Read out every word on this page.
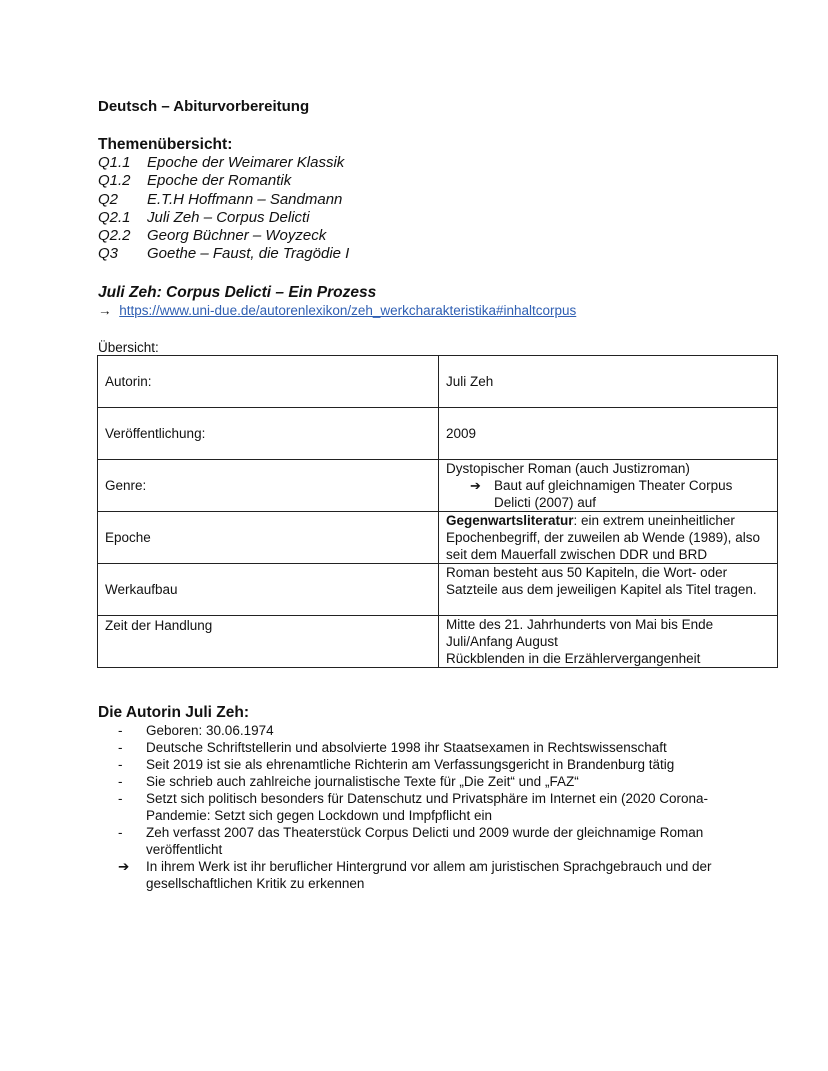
Deutsch – Abiturvorbereitung
Themenübersicht:
Q1.1 Epoche der Weimarer Klassik
Q1.2 Epoche der Romantik
Q2 E.T.H Hoffmann – Sandmann
Q2.1 Juli Zeh – Corpus Delicti
Q2.2 Georg Büchner – Woyzeck
Q3 Goethe – Faust, die Tragödie I
Juli Zeh: Corpus Delicti – Ein Prozess
→ https://www.uni-due.de/autorenlexikon/zeh_werkcharakteristika#inhaltcorpus
Übersicht:
Autorin:	Juli Zeh
Veröffentlichung:	2009
Genre:	Dystopischer Roman (auch Justizroman)
➔ Baut auf gleichnamigen Theater Corpus Delicti (2007) auf

Epoche	Gegenwartsliteratur: ein extrem uneinheitlicher Epochenbegriff, der zuweilen ab Wende (1989), also seit dem Mauerfall zwischen DDR und BRD
Werkaufbau	Roman besteht aus 50 Kapiteln, die Wort- oder Satzteile aus dem jeweiligen Kapitel als Titel tragen.
Zeit der Handlung	Mitte des 21. Jahrhunderts von Mai bis Ende Juli/Anfang August
Rückblenden in die Erzählervergangenheit
Die Autorin Juli Zeh:
-	Geboren: 30.06.1974
-	Deutsche Schriftstellerin und absolvierte 1998 ihr Staatsexamen in Rechtswissenschaft
-	Seit 2019 ist sie als ehrenamtliche Richterin am Verfassungsgericht in Brandenburg tätig
-	Sie schrieb auch zahlreiche journalistische Texte für „Die Zeit“ und „FAZ“
-	Setzt sich politisch besonders für Datenschutz und Privatsphäre im Internet ein (2020 Corona-Pandemie: Setzt sich gegen Lockdown und Impfpflicht ein
-	Zeh verfasst 2007 das Theaterstück Corpus Delicti und 2009 wurde der gleichnamige Roman veröffentlicht
➔	In ihrem Werk ist ihr beruflicher Hintergrund vor allem am juristischen Sprachgebrauch und der gesellschaftlichen Kritik zu erkennen
